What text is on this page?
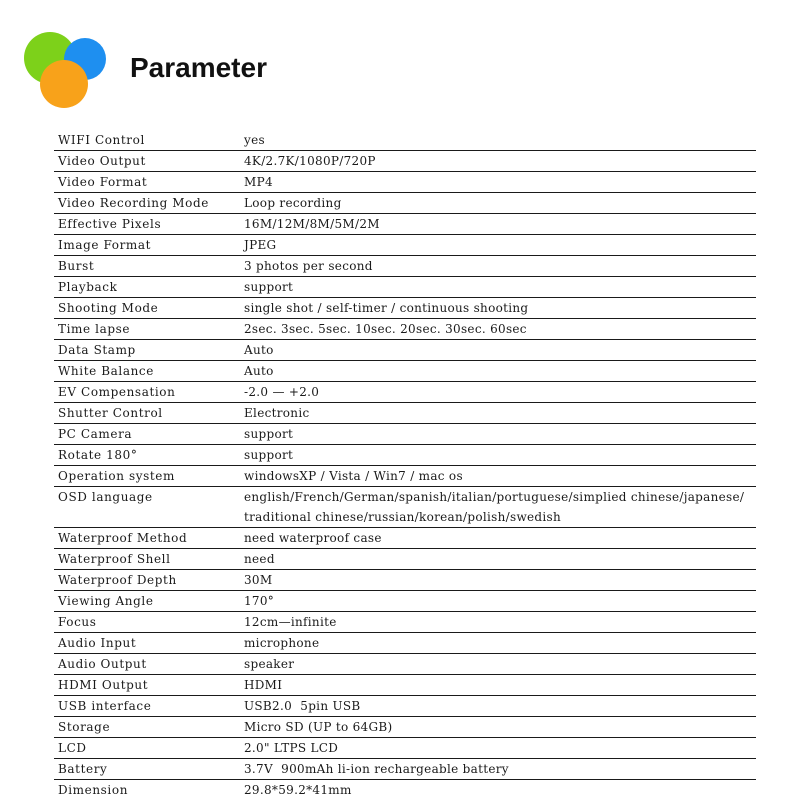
Parameter
WIFI Control	yes
Video Output	4K/2.7K/1080P/720P
Video Format	MP4
Video Recording Mode	Loop recording
Effective Pixels	16M/12M/8M/5M/2M
Image Format	JPEG
Burst	3 photos per second
Playback	support
Shooting Mode	single shot / self-timer / continuous shooting
Time lapse	2sec. 3sec. 5sec. 10sec. 20sec. 30sec. 60sec
Data Stamp	Auto
White Balance	Auto
EV Compensation	-2.0 — +2.0
Shutter Control	Electronic
PC Camera	support
Rotate 180°	support
Operation system	windowsXP / Vista / Win7 / mac os
OSD language	english/French/German/spanish/italian/portuguese/simplied chinese/japanese/
traditional chinese/russian/korean/polish/swedish
Waterproof Method	need waterproof case
Waterproof Shell	need
Waterproof Depth	30M
Viewing Angle	170°
Focus	12cm—infinite
Audio Input	microphone
Audio Output	speaker
HDMI Output	HDMI
USB interface	USB2.0  5pin USB
Storage	Micro SD (UP to 64GB)
LCD	2.0" LTPS LCD
Battery	3.7V  900mAh li-ion rechargeable battery
Dimension	29.8*59.2*41mm
